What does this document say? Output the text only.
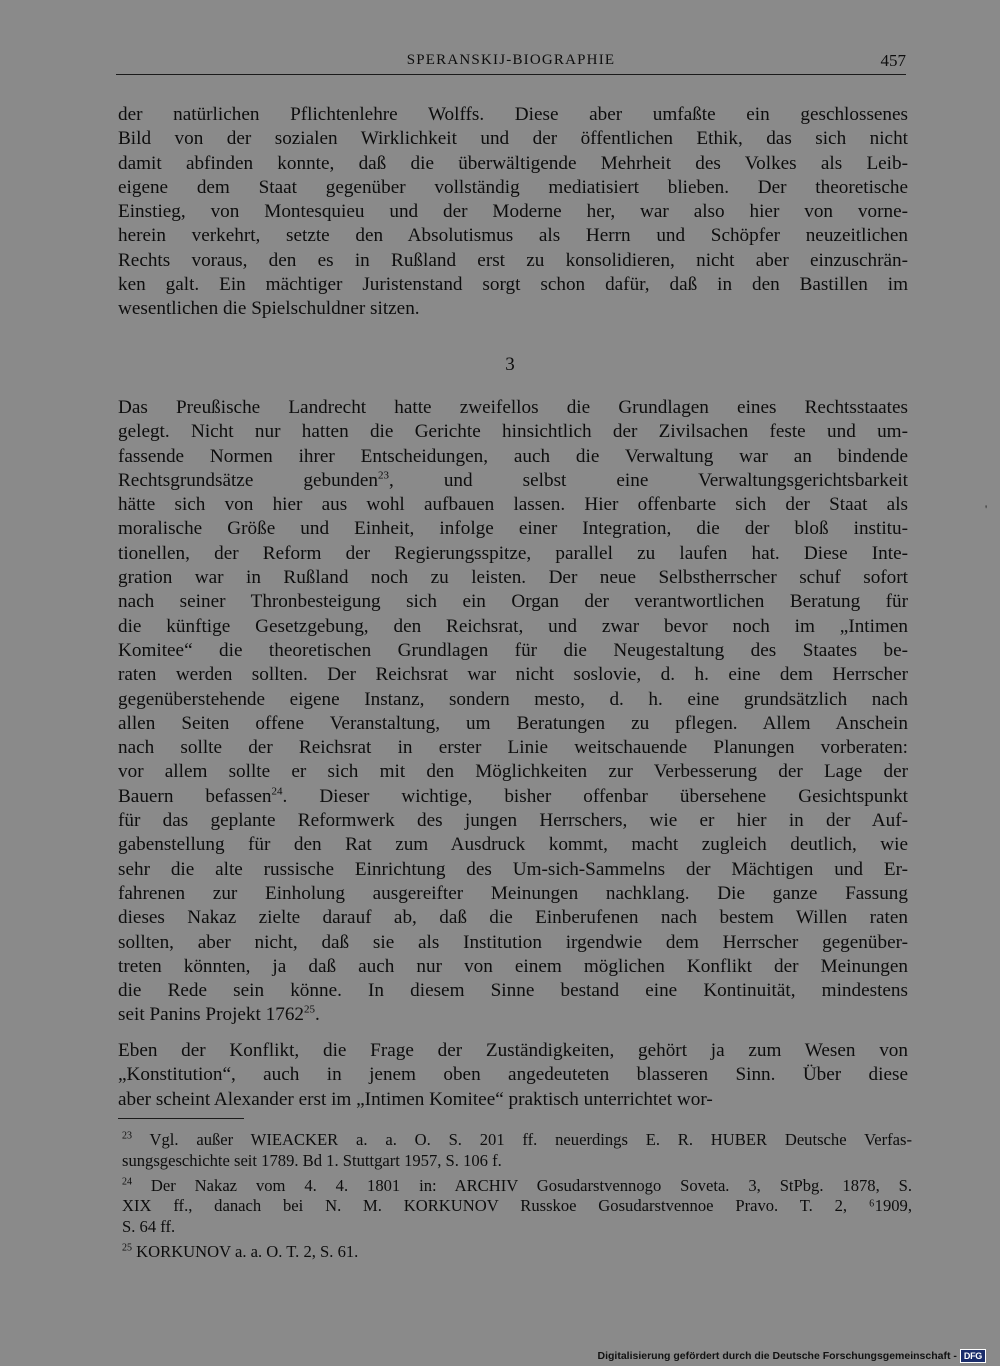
SPERANSKIJ-BIOGRAPHIE	457
der natürlichen Pflichtenlehre Wolffs. Diese aber umfaßte ein geschlossenes
Bild von der sozialen Wirklichkeit und der öffentlichen Ethik, das sich nicht
damit abfinden konnte, daß die überwältigende Mehrheit des Volkes als Leib-
eigene dem Staat gegenüber vollständig mediatisiert blieben. Der theoretische
Einstieg, von Montesquieu und der Moderne her, war also hier von vorne-
herein verkehrt, setzte den Absolutismus als Herrn und Schöpfer neuzeitlichen
Rechts voraus, den es in Rußland erst zu konsolidieren, nicht aber einzuschrän-
ken galt. Ein mächtiger Juristenstand sorgt schon dafür, daß in den Bastillen im
wesentlichen die Spielschuldner sitzen.
3
Das Preußische Landrecht hatte zweifellos die Grundlagen eines Rechtsstaates
gelegt. Nicht nur hatten die Gerichte hinsichtlich der Zivilsachen feste und um-
fassende Normen ihrer Entscheidungen, auch die Verwaltung war an bindende
Rechtsgrundsätze gebunden$^{23}$, und selbst eine Verwaltungsgerichtsbarkeit
hätte sich von hier aus wohl aufbauen lassen. Hier offenbarte sich der Staat als
moralische Größe und Einheit, infolge einer Integration, die der bloß institu-
tionellen, der Reform der Regierungsspitze, parallel zu laufen hat. Diese Inte-
gration war in Rußland noch zu leisten. Der neue Selbstherrscher schuf sofort
nach seiner Thronbesteigung sich ein Organ der verantwortlichen Beratung für
die künftige Gesetzgebung, den Reichsrat, und zwar bevor noch im „Intimen
Komitee“ die theoretischen Grundlagen für die Neugestaltung des Staates be-
raten werden sollten. Der Reichsrat war nicht soslovie, d. h. eine dem Herrscher
gegenüberstehende eigene Instanz, sondern mesto, d. h. eine grundsätzlich nach
allen Seiten offene Veranstaltung, um Beratungen zu pflegen. Allem Anschein
nach sollte der Reichsrat in erster Linie weitschauende Planungen vorberaten:
vor allem sollte er sich mit den Möglichkeiten zur Verbesserung der Lage der
Bauern befassen$^{24}$. Dieser wichtige, bisher offenbar übersehene Gesichtspunkt
für das geplante Reformwerk des jungen Herrschers, wie er hier in der Auf-
gabenstellung für den Rat zum Ausdruck kommt, macht zugleich deutlich, wie
sehr die alte russische Einrichtung des Um-sich-Sammelns der Mächtigen und Er-
fahrenen zur Einholung ausgereifter Meinungen nachklang. Die ganze Fassung
dieses Nakaz zielte darauf ab, daß die Einberufenen nach bestem Willen raten
sollten, aber nicht, daß sie als Institution irgendwie dem Herrscher gegenüber-
treten könnten, ja daß auch nur von einem möglichen Konflikt der Meinungen
die Rede sein könne. In diesem Sinne bestand eine Kontinuität, mindestens
seit Panins Projekt 1762$^{25}$.
Eben der Konflikt, die Frage der Zuständigkeiten, gehört ja zum Wesen von
„Konstitution“, auch in jenem oben angedeuteten blasseren Sinn. Über diese
aber scheint Alexander erst im „Intimen Komitee“ praktisch unterrichtet wor-
$^{23}$ Vgl. außer WIEACKER a. a. O. S. 201 ff. neuerdings E. R. HUBER Deutsche Verfas-
sungsgeschichte seit 1789. Bd 1. Stuttgart 1957, S. 106 f.
$^{24}$ Der Nakaz vom 4. 4. 1801 in: ARCHIV Gosudarstvennogo Soveta. 3, StPbg. 1878, S.
XIX ff., danach bei N. M. KORKUNOV Russkoe Gosudarstvennoe Pravo. T. 2, ⁶1909,
S. 64 ff.
$^{25}$ KORKUNOV a. a. O. T. 2, S. 61.
'
Digitalisierung gefördert durch die Deutsche Forschungsgemeinschaft - DFG
